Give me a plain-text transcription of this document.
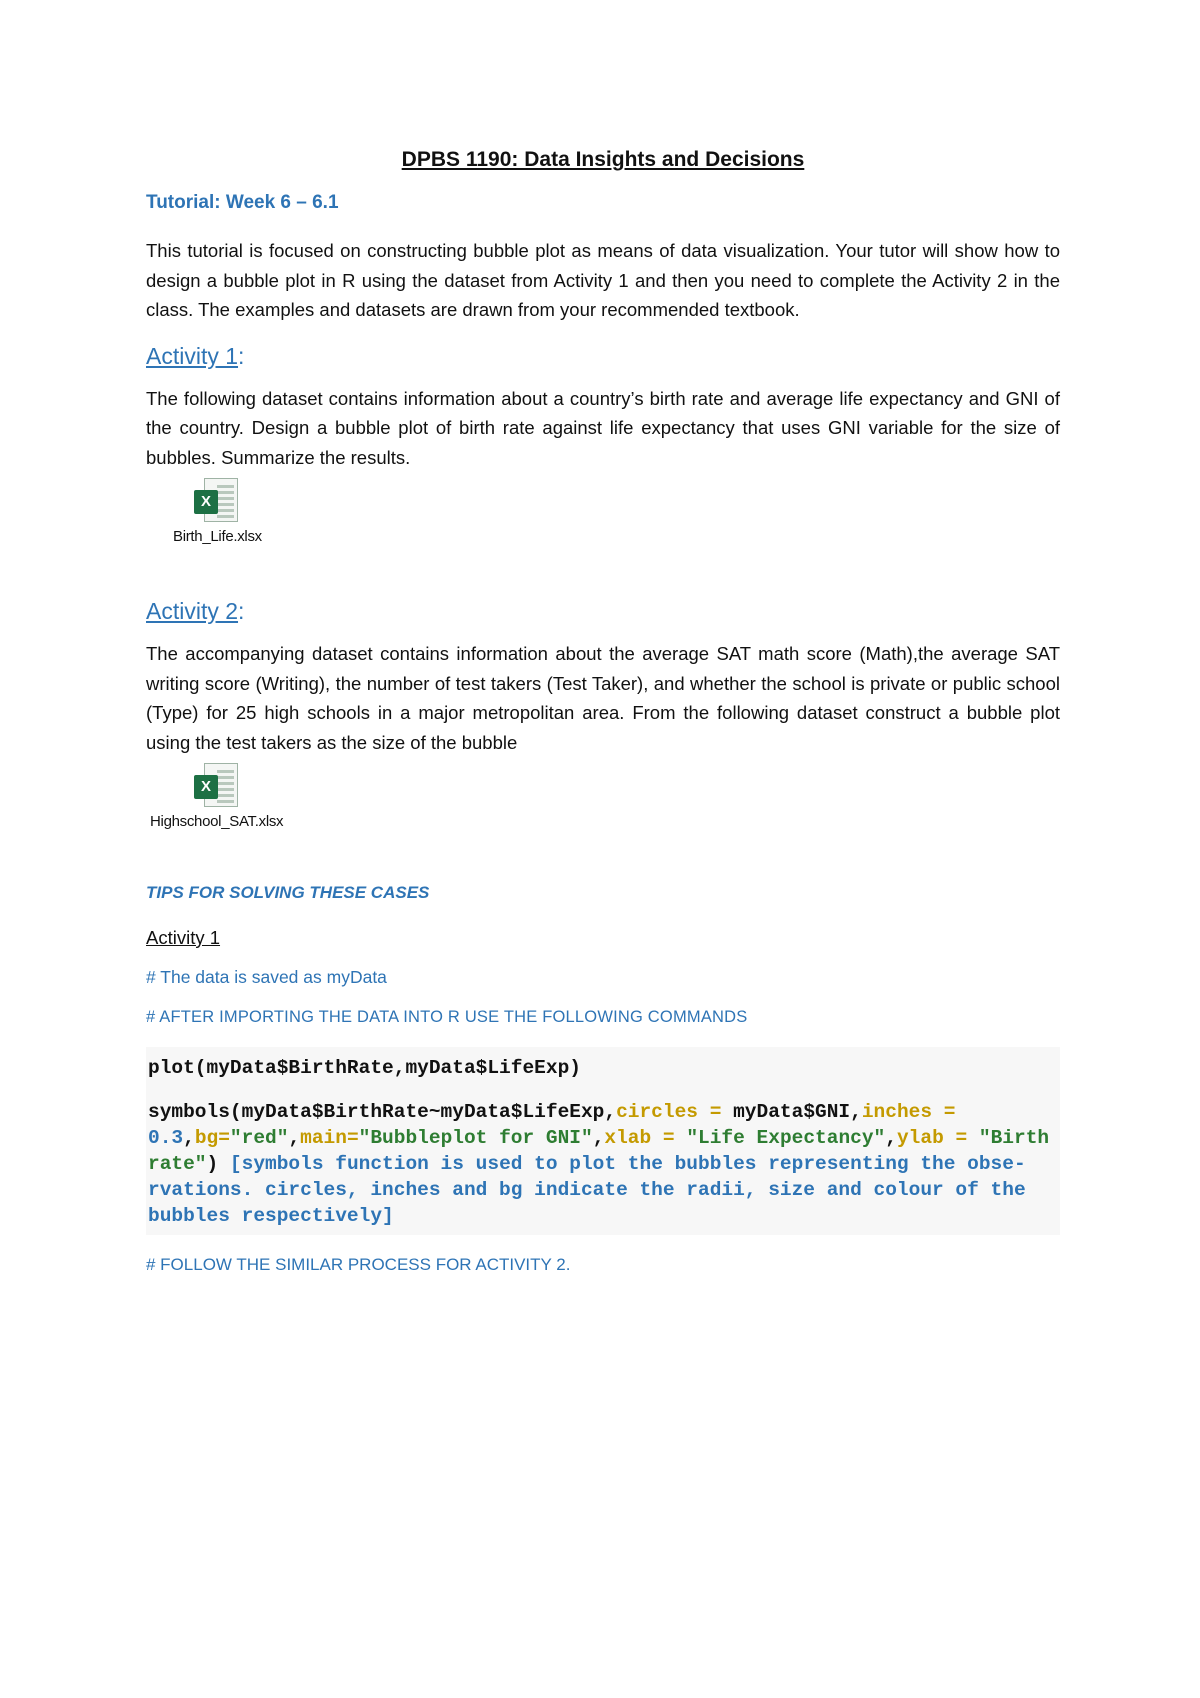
DPBS 1190: Data Insights and Decisions
Tutorial: Week 6 – 6.1

This tutorial is focused on constructing bubble plot as means of data visualization. Your tutor will show how to design a bubble plot in R using the dataset from Activity 1 and then you need to complete the Activity 2 in the class. The examples and datasets are drawn from your recommended textbook.

Activity 1:

The following dataset contains information about a country’s birth rate and average life expectancy and GNI of the country. Design a bubble plot of birth rate against life expectancy that uses GNI variable for the size of bubbles. Summarize the results.

X
Birth_Life.xlsx
Activity 2:

The accompanying dataset contains information about the average SAT math score (Math),the average SAT writing score (Writing), the number of test takers (Test Taker), and whether the school is private or public school (Type) for 25 high schools in a major metropolitan area. From the following dataset construct a bubble plot using the test takers as the size of the bubble

X
Highschool_SAT.xlsx
TIPS FOR SOLVING THESE CASES
Activity 1
# The data is saved as myData
# AFTER IMPORTING THE DATA INTO R USE THE FOLLOWING COMMANDS
plot(myData$BirthRate,myData$LifeExp)
symbols(myData$BirthRate~myData$LifeExp,circles = myData$GNI,inches = 0.3,bg="red",main="Bubbleplot for GNI",xlab = "Life Expectancy",ylab = "Birth rate") [symbols function is used to plot the bubbles representing the obse-rvations. circles, inches and bg indicate the radii, size and colour of the bubbles respectively]
# FOLLOW THE SIMILAR PROCESS FOR ACTIVITY 2.
